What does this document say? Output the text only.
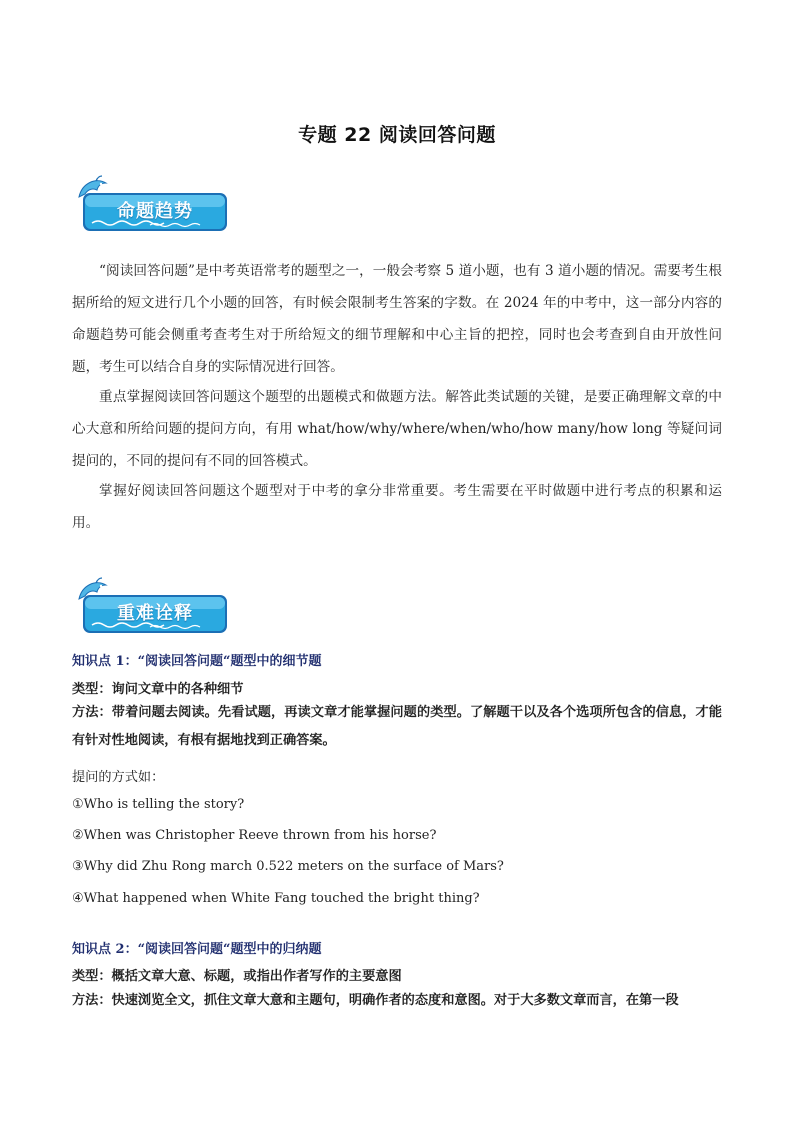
专题 22 阅读回答问题
命题趋势

“阅读回答问题”是中考英语常考的题型之一，一般会考察 5 道小题，也有 3 道小题的情况。需要考生根据所给的短文进行几个小题的回答，有时候会限制考生答案的字数。在 2024 年的中考中，这一部分内容的命题趋势可能会侧重考查考生对于所给短文的细节理解和中心主旨的把控，同时也会考查到自由开放性问题，考生可以结合自身的实际情况进行回答。

重点掌握阅读回答问题这个题型的出题模式和做题方法。解答此类试题的关键，是要正确理解文章的中心大意和所给问题的提问方向，有用 what/how/why/where/when/who/how many/how long 等疑问词提问的，不同的提问有不同的回答模式。

掌握好阅读回答问题这个题型对于中考的拿分非常重要。考生需要在平时做题中进行考点的积累和运用。

重难诠释

知识点 1：“阅读回答问题“题型中的细节题

类型：询问文章中的各种细节

方法：带着问题去阅读。先看试题，再读文章才能掌握问题的类型。了解题干以及各个选项所包含的信息，才能有针对性地阅读，有根有据地找到正确答案。

提问的方式如：

①Who is telling the story?

②When was Christopher Reeve thrown from his horse?

③Why did Zhu Rong march 0.522 meters on the surface of Mars?

④What happened when White Fang touched the bright thing?

知识点 2：“阅读回答问题“题型中的归纳题

类型：概括文章大意、标题，或指出作者写作的主要意图

方法：快速浏览全文，抓住文章大意和主题句，明确作者的态度和意图。对于大多数文章而言，在第一段
